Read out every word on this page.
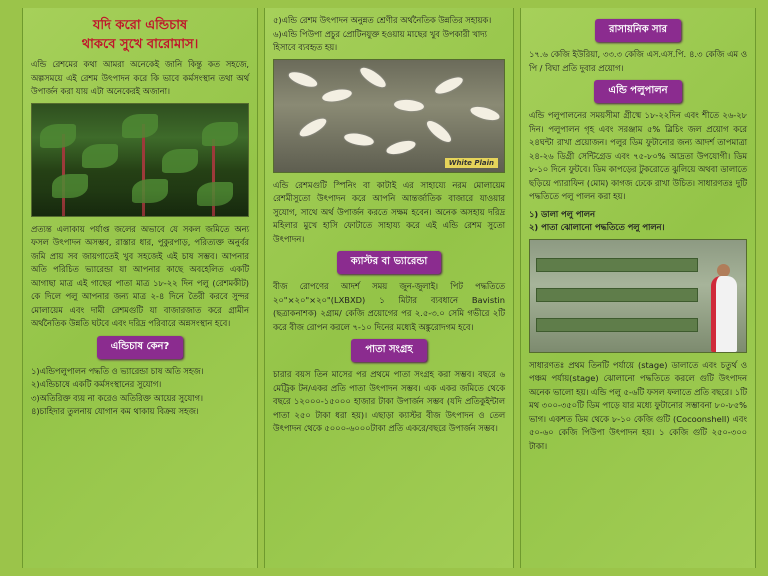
যদি করো এন্ডিচাষ
থাকবে সুখে বারোমাস।

এন্ডি রেশমের কথা আমরা অনেকেই জানি কিন্তু কত সহজে, অল্পসময়ে এই রেশম উৎপাদন করে কি ভাবে কর্মসংস্থান তথা অর্থ উপার্জন করা যায় এটা অনেকেরই অজানা।

প্রত্যন্ত এলাকায় পর্যাপ্ত জলের অভাবে যে সকল জমিতে অন্য ফসল উৎপাদন অসম্ভব, রাস্তার ধার, পুকুরপাড়, পরিত্যক্ত অনুর্বর জমি প্রায় সব জায়গাতেই খুব সহজেই এই চাষ সম্ভব। আপনার অতি পরিচিত ভ্যারেন্ডা যা আপনার কাছে অবহেলিত একটি আগাছা মাত্র এই গাছের পাতা মাত্র ১৮-২২ দিন পলু (রেশমকীট) কে দিলে পলু আপনার জন্য মাত্র ২-৪ দিনে তৈরী করবে সুন্দর মোলায়েম এবং দামী রেশমগুটি যা বাজারজাত করে গ্রামীন অর্থনৈতিক উন্নতি ঘটবে এবং দরিদ্র পরিবারে অন্নসংস্থান হবে।

এন্ডিচাষ কেন?
১)এন্ডিপলুপালন পদ্ধতি ও ভ্যারেন্ডা চাষ অতি সহজ।
২)এন্ডিচাষে একটি কর্মসংস্থানের সুযোগ।
৩)অতিরিক্ত ব্যয় না করেও অতিরিক্ত আয়ের সুযোগ।
৪)চাহিদার তুলনায় যোগান কম থাকায় বিক্রয় সহজ।
৫)এন্ডি রেশম উৎপাদন অনুন্নত শ্রেণীর অর্থনৈতিক উন্নতির সহায়ক।
৬)এন্ডি পিউপা প্রচুর প্রোটিনযুক্ত হওয়ায় মাছের খুব উপকারী খাদ্য হিসাবে ব্যবহৃত হয়।
White Plain

এন্ডি রেশমগুটি স্পিনিং বা কাটাই এর সাহায্যে নরম মোলায়েম রেশমীসুতো উৎপাদন করে আপনি আন্তর্জাতিক বাজারে যাওয়ার সুযোগ, সাথে অর্থ উপার্জন করতে সক্ষম হবেন। অনেক অসহায় দরিদ্র মহিলার মুখে হাসি ফোটাতে সাহায্য করে এই এন্ডি রেশম সুতো উৎপাদন।

ক্যাস্টর বা ভ্যারেন্ডা

বীজ রোপণের আদর্শ সময় জুন-জুলাই। পিট পদ্ধতিতে ২০"×২০"×২০"(LXBXD) ১ মিটার ব্যবধানে Bavistin (ছত্রাকনাশক) ২গ্রাম/ কেজি প্রয়োগের পর ২.৫-৩.০ সেমি গভীরে ২টি করে বীজ রোপন করলে ৭-১০ দিনের মধ্যেই অঙ্কুরোদগম হবে।

পাতা সংগ্রহ

চারার বয়স তিন মাসের পর প্রথমে পাতা সংগ্রহ করা সম্ভব। বছরে ৬ মেট্রিক টন/একর প্রতি পাতা উৎপাদন সম্ভব। এক একর জমিতে থেকে বছরে ১২০০০-১৫০০০ হাজার টাকা উপার্জন সম্ভব (যদি প্রতিকুইন্টাল পাতা ২৫০ টাকা ধরা হয়)। এছাড়া ক্যাস্টর বীজ উৎপাদন ও তেল উৎপাদন থেকে ৫০০০-৬০০০টাকা প্রতি একরে/বছরে উপার্জন সম্ভব।

রাসায়নিক সার

১৭.৬ কেজি ইউরিয়া, ৩৩.৩ কেজি এস.এস.পি. ৪.৩ কেজি এম ও পি / বিঘা প্রতি দুবার প্রয়োগ।

এন্ডি পলুপালন

এন্ডি পলুপালনের সময়সীমা গ্রীষ্মে ১৮-২২দিন এবং শীতে ২৬-২৮ দিন। পলুপালন গৃহ এবং সরঞ্জাম ৫% ব্লিচিং জল প্রয়োগ করে ২৪ঘন্টা রাখা প্রয়োজন। পলুর ডিম ফুটানোর জন্য আদর্শ তাপমাত্রা ২৪-২৬ ডিগ্রী সেন্টিগ্রেড এবং ৭৫-৮০% আদ্রতা উপযোগী। ডিম ৮-১০ দিনে ফুটবে। ডিম কাপড়ের টুকরোতে ঝুলিয়ে অথবা ডালাতে ছড়িয়ে প্যারাফিন (মোম) কাগজ ঢেকে রাখা উচিত। সাধারণতঃ দুটি পদ্ধতিতে পলু পালন করা হয়।

১) ডালা পলু পালন
২) পাতা ঝোলানো পদ্ধতিতে পলু পালন।

সাধারণতঃ প্রথম তিনটি পর্যায়ে (stage) ডালাতে এবং চতুর্থ ও পঞ্চম পর্যায়(stage) ঝোলানো পদ্ধতিতে করলে গুটি উৎপাদন অনেক ভালো হয়। এন্ডি পলু ৫-৬টি ফসল ফলাতে প্রতি বছরে। ১টি মথ ৩০০-৩৫০টি ডিম পাড়ে যার মধ্যে ফুটানোর সম্ভাবনা ৮০-৮৫% ভাগ। একশত ডিম থেকে ৮-১০ কেজি গুটি (Cocoonshell) এবং ৫০-৬০ কেজি পিউপা উৎপাদন হয়। ১ কেজি গুটি ২৫০-৩০০ টাকা।
